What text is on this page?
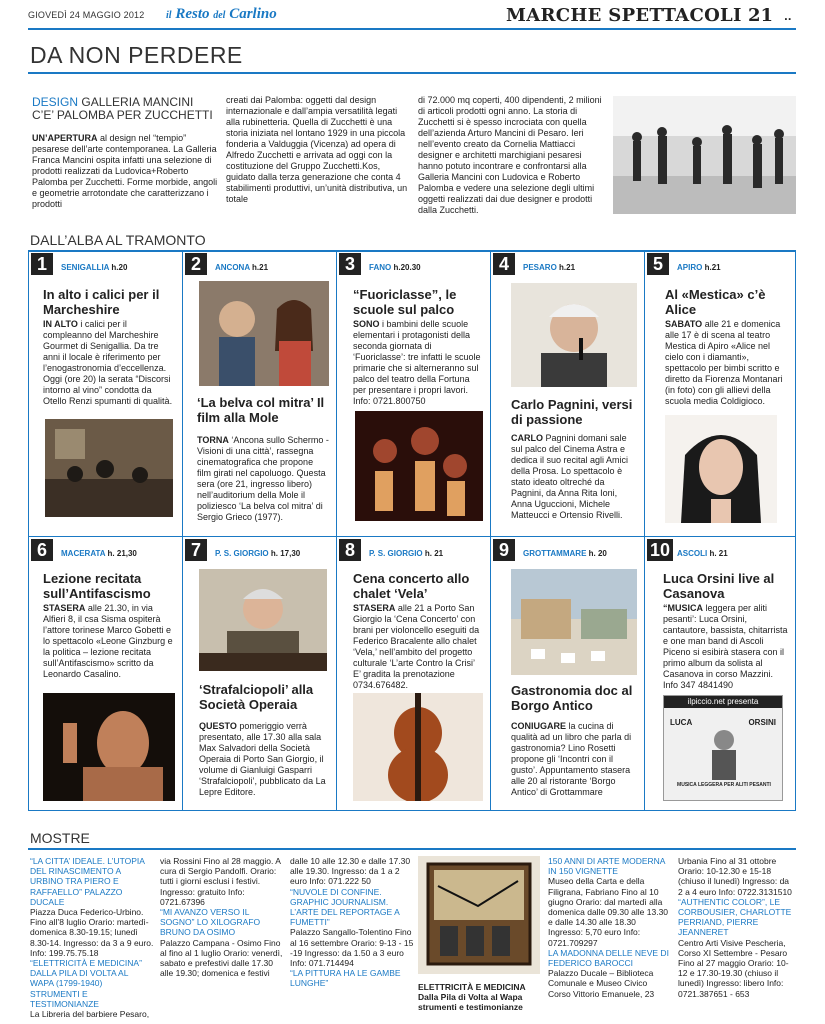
GIOVEDÌ 24 MAGGIO 2012 il Resto del Carlino	MARCHE SPETTACOLI 21 ..
DA NON PERDERE
DESIGN GALLERIA MANCINI
C’E’ PALOMBA PER ZUCCHETTI
UN’APERTURA al design nel “tempio” pesarese dell’arte contemporanea. La Galleria Franca Mancini ospita infatti una selezione di prodotti realizzati da Ludovica+Roberto Palomba per Zucchetti. Forme morbide, angoli e geometrie arrotondate che caratterizzano i prodotti
creati dai Palomba: oggetti dal design internazionale e dall’ampia versatilità legati alla rubinetteria. Quella di Zucchetti è una storia iniziata nel lontano 1929 in una piccola fonderia a Valduggia (Vicenza) ad opera di Alfredo Zucchetti e arrivata ad oggi con la costituzione del Gruppo Zucchetti.Kos, guidato dalla terza generazione che conta 4 stabilimenti produttivi, un’unità distributiva, un totale
di 72.000 mq coperti, 400 dipendenti, 2 milioni di articoli prodotti ogni anno. La storia di Zucchetti si è spesso incrociata con quella dell’azienda Arturo Mancini di Pesaro. Ieri nell’evento creato da Cornelia Mattiacci designer e architetti marchigiani pesaresi hanno potuto incontrare e confrontarsi alla Galleria Mancini con Ludovica e Roberto Palomba e vedere una selezione degli ultimi oggetti realizzati dai due designer e prodotti dalla Zucchetti.
DALL’ALBA AL TRAMONTO
1	SENIGALLIA h.20
In alto i calici per il Marcheshire
IN ALTO i calici per il compleanno del Marcheshire Gourmet di Senigallia. Da tre anni il locale è riferimento per l’enogastronomia d’eccellenza. Oggi (ore 20) la serata “Discorsi intorno al vino” condotta da Otello Renzi spumanti di qualità.
2	ANCONA h.21
‘La belva col mitra’ Il film alla Mole
TORNA ‘Ancona sullo Schermo - Visioni di una città’, rassegna cinematografica che propone film girati nel capoluogo. Questa sera (ore 21, ingresso libero) nell’auditorium della Mole il poliziesco ‘La belva col mitra’ di Sergio Grieco (1977).
3	FANO h.20.30
“Fuoriclasse”, le scuole sul palco
SONO i bambini delle scuole elementari i protagonisti della seconda giornata di ‘Fuoriclasse’: tre infatti le scuole primarie che si alterneranno sul palco del teatro della Fortuna per presentare i propri lavori. Info: 0721.800750
4	PESARO h.21
Carlo Pagnini, versi di passione
CARLO Pagnini domani sale sul palco del Cinema Astra e dedica il suo recital agli Amici della Prosa. Lo spettacolo è stato ideato oltreché da Pagnini, da Anna Rita Ioni, Anna Uguccioni, Michele Matteucci e Ortensio Rivelli.
5	APIRO h.21
Al «Mestica» c’è Alice
SABATO alle 21 e domenica alle 17 è di scena al teatro Mestica di Apiro «Alice nel cielo con i diamanti», spettacolo per bimbi scritto e diretto da Fiorenza Montanari (in foto) con gli allievi della scuola media Coldigioco.
6	MACERATA h. 21,30
Lezione recitata sull’Antifascismo
STASERA alle 21.30, in via Alfieri 8, il csa Sisma ospiterà l’attore torinese Marco Gobetti e lo spettacolo «Leone Ginzburg e la politica – lezione recitata sull’Antifascismo» scritto da Leonardo Casalino.
7	P. S. GIORGIO h. 17,30
‘Strafalciopoli’ alla Società Operaia
QUESTO pomeriggio verrà presentato, alle 17.30 alla sala Max Salvadori della Società Operaia di Porto San Giorgio, il volume di Gianluigi Gasparri ‘Strafalciopoli’, pubblicato da La Lepre Editore.
8	P. S. GIORGIO h. 21
Cena concerto allo chalet ‘Vela’
STASERA alle 21 a Porto San Giorgio la ‘Cena Concerto’ con brani per violoncello eseguiti da Federico Bracalente allo chalet ‘Vela,’ nell’ambito del progetto culturale ‘L’arte Contro la Crisi’ E’ gradita la prenotazione 0734.676482.
9	GROTTAMMARE h. 20
Gastronomia doc al Borgo Antico
CONIUGARE la cucina di qualità ad un libro che parla di gastronomia? Lino Rosetti propone gli ‘Incontri con il gusto’. Appuntamento stasera alle 20 al ristorante ‘Borgo Antico’ di Grottammare
10 ASCOLI h. 21
Luca Orsini live al Casanova
“MUSICA leggera per aliti pesanti’: Luca Orsini, cantautore, bassista, chitarrista e one man band di Ascoli Piceno si esibirà stasera con il primo album da solista al Casanova in corso Mazzini. Info 347 4841490
ilpiccio.net presenta
LUCA	ORSINI
MUSICA LEGGERA PER ALITI PESANTI
MOSTRE
“LA CITTA’ IDEALE. L’UTOPIA DEL RINASCIMENTO A URBINO TRA PIERO E RAFFAELLO” PALAZZO DUCALE
Piazza Duca Federico-Urbino. Fino all’8 luglio Orario: martedì-domenica 8.30-19.15; lunedì 8.30-14. Ingresso: da 3 a 9 euro. Info: 199.75.75.18
“ELETTRICITÀ E MEDICINA” DALLA PILA DI VOLTA AL WAPA (1799-1940) STRUMENTI E TESTIMONIANZE
La Libreria del barbiere Pesaro,
via Rossini Fino al 28 maggio. A cura di Sergio Pandolfi. Orario: tutti i giorni esclusi i festivi. Ingresso: gratuito Info: 0721.67396
“MI AVANZO VERSO IL SOGNO” LO XILOGRAFO BRUNO DA OSIMO
Palazzo Campana - Osimo Fino al fino al 1 luglio Orario: venerdì, sabato e prefestivi dalle 17.30 alle 19.30; domenica e festivi
dalle 10 alle 12.30 e dalle 17.30 alle 19.30. Ingresso: da 1 a 2 euro Info: 071.222 50
“NUVOLE DI CONFINE. GRAPHIC JOURNALISM. L’ARTE DEL REPORTAGE A FUMETTI”
Palazzo Sangallo-Tolentino Fino al 16 settembre Orario: 9-13 - 15 -19 Ingresso: da 1.50 a 3 euro Info: 071.714494
“LA PITTURA HA LE GAMBE LUNGHE”	ELETTRICITÀ E MEDICINA
Dalla Pila di Volta al Wapa strumenti e testimonianze
150 ANNI DI ARTE MODERNA IN 150 VIGNETTE
Museo della Carta e della Filigrana, Fabriano Fino al 10 giugno Orario: dal martedì alla domenica dalle 09.30 alle 13.30 e dalle 14.30 alle 18.30 Ingresso: 5,70 euro Info: 0721.709297
LA MADONNA DELLE NEVE DI FEDERICO BAROCCI
Palazzo Ducale – Biblioteca Comunale e Museo Civico Corso Vittorio Emanuele, 23
Urbania Fino al 31 ottobre Orario: 10-12.30 e 15-18 (chiuso il lunedì) Ingresso: da 2 a 4 euro Info: 0722.3131510
“AUTHENTIC COLOR”, LE CORBOUSIER, CHARLOTTE PERRIAND, PIERRE JEANNERET
Centro Arti Visive Pescheria, Corso XI Settembre - Pesaro Fino al 27 maggio Orario: 10-12 e 17.30-19.30 (chiuso il lunedì) Ingresso: libero Info: 0721.387651 - 653
